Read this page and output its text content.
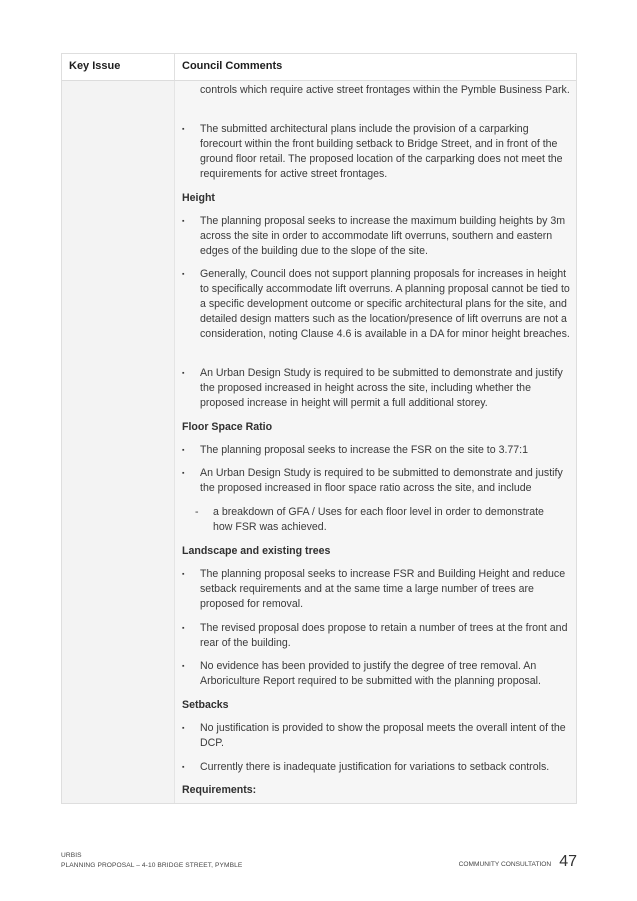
Key Issue	Council Comments
controls which require active street frontages within the Pymble Business Park.
▪	The submitted architectural plans include the provision of a carparking forecourt within the front building setback to Bridge Street, and in front of the ground floor retail. The proposed location of the carparking does not meet the requirements for active street frontages.
Height
▪	The planning proposal seeks to increase the maximum building heights by 3m across the site in order to accommodate lift overruns, southern and eastern edges of the building due to the slope of the site.
▪	Generally, Council does not support planning proposals for increases in height to specifically accommodate lift overruns. A planning proposal cannot be tied to a specific development outcome or specific architectural plans for the site, and detailed design matters such as the location/presence of lift overruns are not a consideration, noting Clause 4.6 is available in a DA for minor height breaches.
▪	An Urban Design Study is required to be submitted to demonstrate and justify the proposed increased in height across the site, including whether the proposed increase in height will permit a full additional storey.
Floor Space Ratio
▪	The planning proposal seeks to increase the FSR on the site to 3.77:1
▪	An Urban Design Study is required to be submitted to demonstrate and justify the proposed increased in floor space ratio across the site, and include
-	a breakdown of GFA / Uses for each floor level in order to demonstrate how FSR was achieved.
Landscape and existing trees
▪	The planning proposal seeks to increase FSR and Building Height and reduce setback requirements and at the same time a large number of trees are proposed for removal.
▪	The revised proposal does propose to retain a number of trees at the front and rear of the building.
▪	No evidence has been provided to justify the degree of tree removal. An Arboriculture Report required to be submitted with the planning proposal.
Setbacks
▪	No justification is provided to show the proposal meets the overall intent of the DCP.
▪	Currently there is inadequate justification for variations to setback controls.
Requirements:
URBIS
PLANNING PROPOSAL – 4-10 BRIDGE STREET, PYMBLE	COMMUNITY CONSULTATION 47
